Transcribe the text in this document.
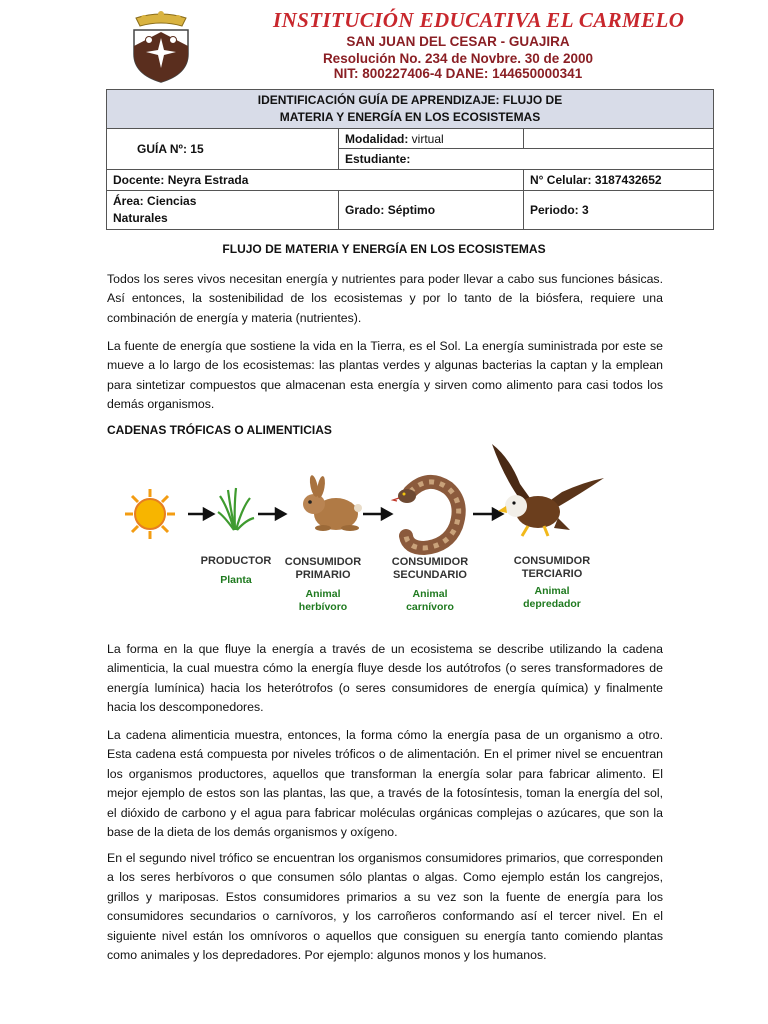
INSTITUCIÓN EDUCATIVA EL CARMELO
SAN JUAN DEL CESAR - GUAJIRA
Resolución No. 234 de Novbre. 30 de 2000
NIT: 800227406-4 DANE: 144650000341
IDENTIFICACIÓN GUÍA DE APRENDIZAJE: FLUJO DE
MATERIA Y ENERGÍA EN LOS ECOSISTEMAS		
GUÍA Nº: 15	Modalidad: virtual	
	Estudiante:	
Docente: Neyra Estrada		N° Celular: 3187432652
Área: Ciencias
Naturales	Grado: Séptimo	Periodo: 3
FLUJO DE MATERIA Y ENERGÍA EN LOS ECOSISTEMAS

Todos los seres vivos necesitan energía y nutrientes para poder llevar a cabo sus funciones básicas. Así entonces, la sostenibilidad de los ecosistemas y por lo tanto de la biósfera, requiere una combinación de energía y materia (nutrientes).

La fuente de energía que sostiene la vida en la Tierra, es el Sol. La energía suministrada por este se mueve a lo largo de los ecosistemas: las plantas verdes y algunas bacterias la captan y la emplean para sintetizar compuestos que almacenan esta energía y sirven como alimento para casi todos los demás organismos.

CADENAS TRÓFICAS O ALIMENTICIAS
PRODUCTOR
Planta
CONSUMIDOR
PRIMARIO
Animal
herbívoro
CONSUMIDOR
SECUNDARIO
Animal
carnívoro
CONSUMIDOR
TERCIARIO
Animal
depredador

La forma en la que fluye la energía a través de un ecosistema se describe utilizando la cadena alimenticia, la cual muestra cómo la energía fluye desde los autótrofos (o seres transformadores de energía lumínica) hacia los heterótrofos (o seres consumidores de energía química) y finalmente hacia los descomponedores.

La cadena alimenticia muestra, entonces, la forma cómo la energía pasa de un organismo a otro. Esta cadena está compuesta por niveles tróficos o de alimentación. En el primer nivel se encuentran los organismos productores, aquellos que transforman la energía solar para fabricar alimento. El mejor ejemplo de estos son las plantas, las que, a través de la fotosíntesis, toman la energía del sol, el dióxido de carbono y el agua para fabricar moléculas orgánicas complejas o azúcares, que son la base de la dieta de los demás organismos y oxígeno.

En el segundo nivel trófico se encuentran los organismos consumidores primarios, que corresponden a los seres herbívoros o que consumen sólo plantas o algas. Como ejemplo están los cangrejos, grillos y mariposas. Estos consumidores primarios a su vez son la fuente de energía para los consumidores secundarios o carnívoros, y los carroñeros conformando así el tercer nivel. En el siguiente nivel están los omnívoros o aquellos que consiguen su energía tanto comiendo plantas como animales y los depredadores. Por ejemplo: algunos monos y los humanos.
